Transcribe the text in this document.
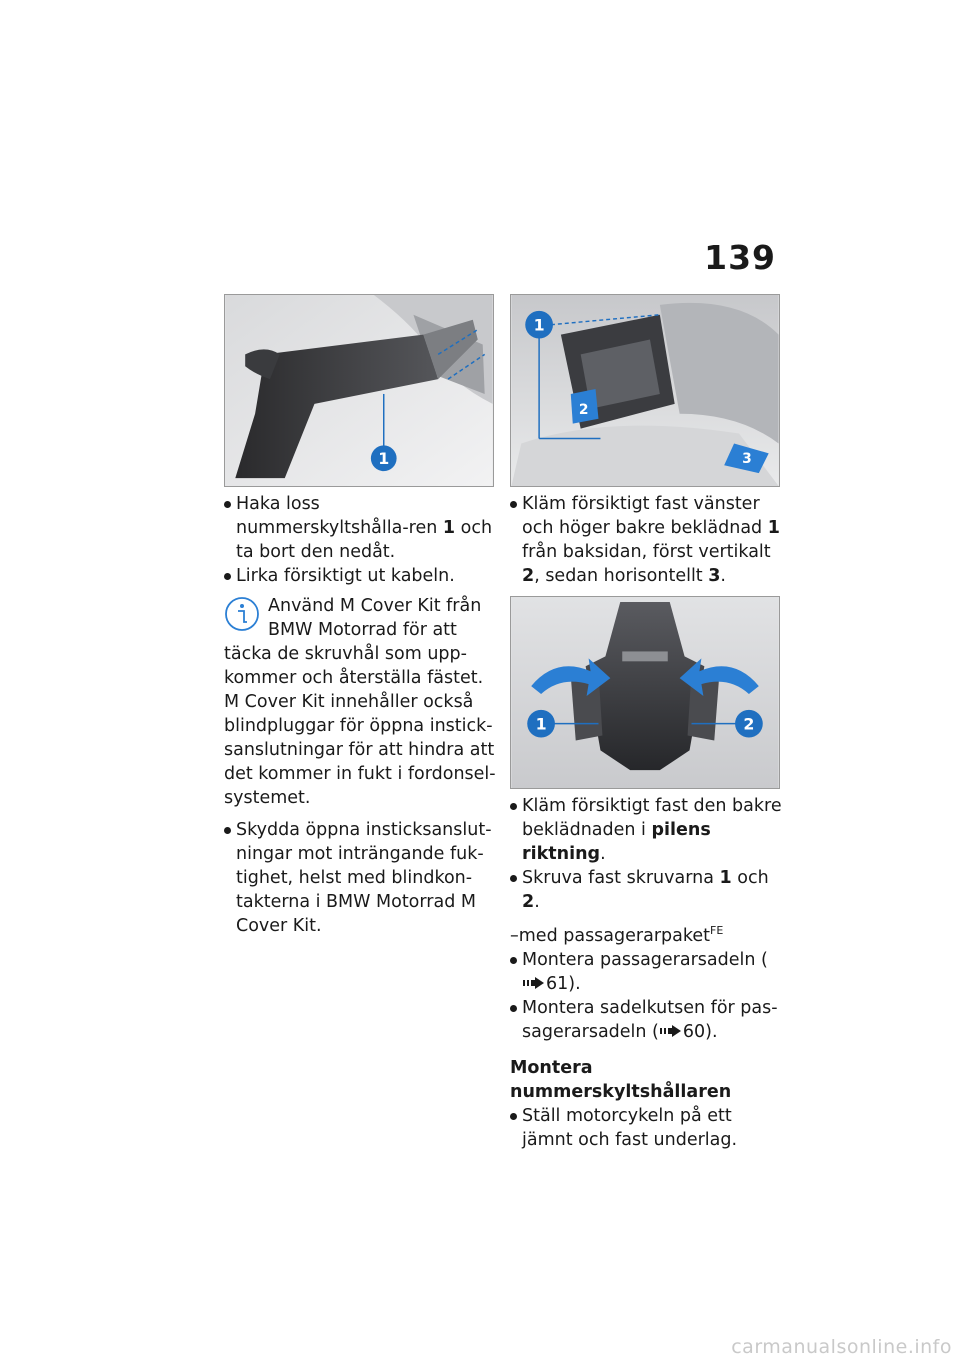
139
1
1
2
3
1	2

Haka loss nummerskyltshålla-ren 1 och ta bort den nedåt.

Lirka försiktigt ut kabeln.

Använd M Cover Kit från BMW Motorrad för att
täcka de skruvhål som upp-kommer och återställa fästet. M Cover Kit innehåller också blindpluggar för öppna instick-sanslutningar för att hindra att det kommer in fukt i fordonsel-systemet.

Skydda öppna insticksanslut-ningar mot inträngande fuk-tighet, helst med blindkon-takterna i BMW Motorrad M Cover Kit.

Kläm försiktigt fast vänster och höger bakre beklädnad 1 från baksidan, först vertikalt 2, sedan horisontellt 3.

Kläm försiktigt fast den bakre beklädnaden i pilens riktning.

Skruva fast skruvarna 1 och 2.

–med passagerarpaket$^{FE}$

Montera passagerarsadeln (61).

Montera sadelkutsen för pas-sagerarsadeln ( 60).

Montera nummerskyltshållaren

Ställ motorcykeln på ett jämnt och fast underlag.

carmanualsonline.info
